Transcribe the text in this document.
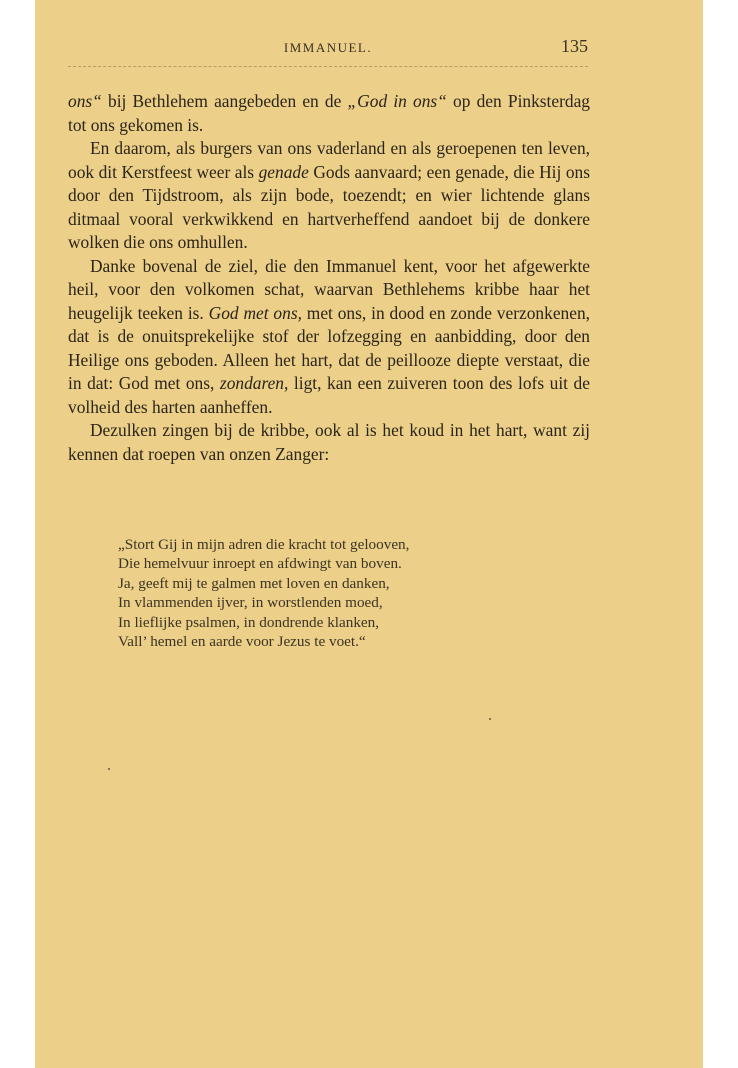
IMMANUEL.	135

ons“ bij Bethlehem aangebeden en de „God in ons“ op den Pinksterdag tot ons gekomen is.

En daarom, als burgers van ons vaderland en als geroepenen ten leven, ook dit Kerstfeest weer als genade Gods aanvaard; een genade, die Hij ons door den Tijdstroom, als zijn bode, toezendt; en wier lichtende glans ditmaal vooral verkwikkend en hartverheffend aandoet bij de donkere wolken die ons omhullen.

Danke bovenal de ziel, die den Immanuel kent, voor het afgewerkte heil, voor den volkomen schat, waarvan Bethlehems kribbe haar het heugelijk teeken is. God met ons, met ons, in dood en zonde verzonkenen, dat is de onuitsprekelijke stof der lofzegging en aanbidding, door den Heilige ons geboden. Alleen het hart, dat de peillooze diepte verstaat, die in dat: God met ons, zondaren, ligt, kan een zuiveren toon des lofs uit de volheid des harten aanheffen.

Dezulken zingen bij de kribbe, ook al is het koud in het hart, want zij kennen dat roepen van onzen Zanger:

„Stort Gij in mijn adren die kracht tot gelooven,
Die hemelvuur inroept en afdwingt van boven.
Ja, geeft mij te galmen met loven en danken,
In vlammenden ijver, in worstlenden moed,
In lieflijke psalmen, in dondrende klanken,
Vall’ hemel en aarde voor Jezus te voet.“
